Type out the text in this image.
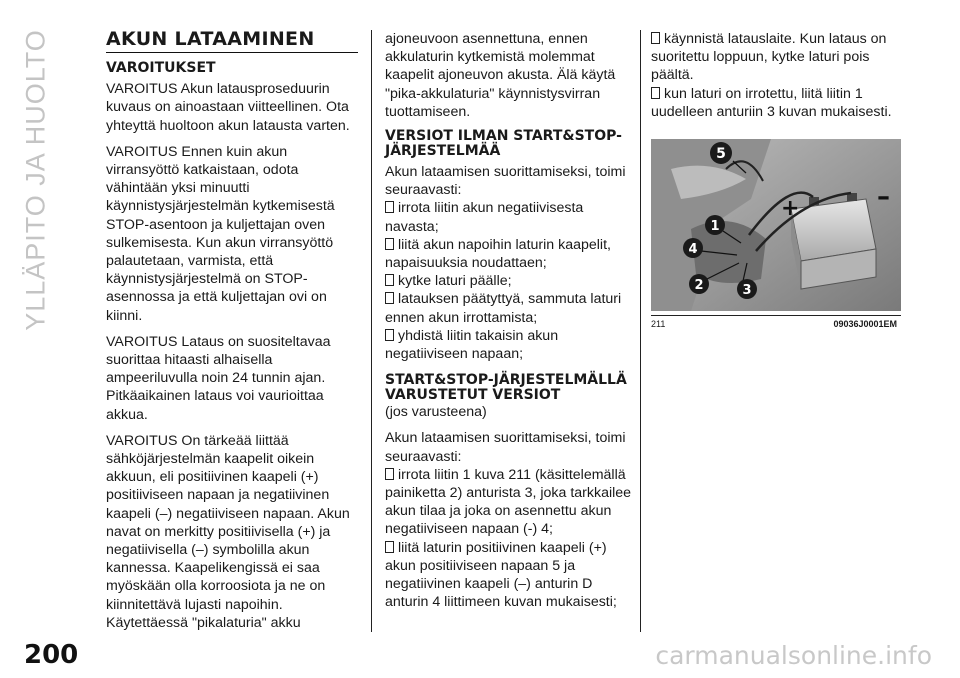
YLLÄPITO JA HUOLTO	AKUN LATAAMINEN
VAROITUKSET

VAROITUS Akun latausproseduurin kuvaus on ainoastaan viitteellinen. Ota yhteyttä huoltoon akun latausta varten.

VAROITUS Ennen kuin akun virransyöttö katkaistaan, odota vähintään yksi minuutti käynnistysjärjestelmän kytkemisestä STOP-asentoon ja kuljettajan oven sulkemisesta. Kun akun virransyöttö palautetaan, varmista, että käynnistysjärjestelmä on STOP-asennossa ja että kuljettajan ovi on kiinni.

VAROITUS Lataus on suositeltavaa suorittaa hitaasti alhaisella ampeeriluvulla noin 24 tunnin ajan. Pitkäaikainen lataus voi vaurioittaa akkua.

VAROITUS On tärkeää liittää sähköjärjestelmän kaapelit oikein akkuun, eli positiivinen kaapeli (+) positiiviseen napaan ja negatiivinen kaapeli (–) negatiiviseen napaan. Akun navat on merkitty positiivisella (+) ja negatiivisella (–) symbolilla akun kannessa. Kaapelikengissä ei saa myöskään olla korroosiota ja ne on kiinnitettävä lujasti napoihin. Käytettäessä "pikalaturia" akku

ajoneuvoon asennettuna, ennen akkulaturin kytkemistä molemmat kaapelit ajoneuvon akusta. Älä käytä "pika-akkulaturia" käynnistysvirran tuottamiseen.

VERSIOT ILMAN START&STOP-JÄRJESTELMÄÄ

Akun lataamisen suorittamiseksi, toimi seuraavasti:

irrota liitin akun negatiivisesta navasta;

liitä akun napoihin laturin kaapelit, napaisuuksia noudattaen;

kytke laturi päälle;

latauksen päätyttyä, sammuta laturi ennen akun irrottamista;

yhdistä liitin takaisin akun negatiiviseen napaan;

START&STOP-JÄRJESTELMÄLLÄ VARUSTETUT VERSIOT

(jos varusteena)

Akun lataamisen suorittamiseksi, toimi seuraavasti:

irrota liitin 1 kuva 211 (käsittelemällä painiketta 2) anturista 3, joka tarkkailee akun tilaa ja joka on asennettu akun negatiiviseen napaan (-) 4;

liitä laturin positiivinen kaapeli (+) akun positiiviseen napaan 5 ja negatiivinen kaapeli (–) anturin D anturin 4 liittimeen kuvan mukaisesti;

käynnistä latauslaite. Kun lataus on suoritettu loppuun, kytke laturi pois päältä.

kun laturi on irrotettu, liitä liitin 1 uudelleen anturiin 3 kuvan mukaisesti.

+	–
5
1
4
2	3
211	09036J0001EM
200	carmanualsonline.info
